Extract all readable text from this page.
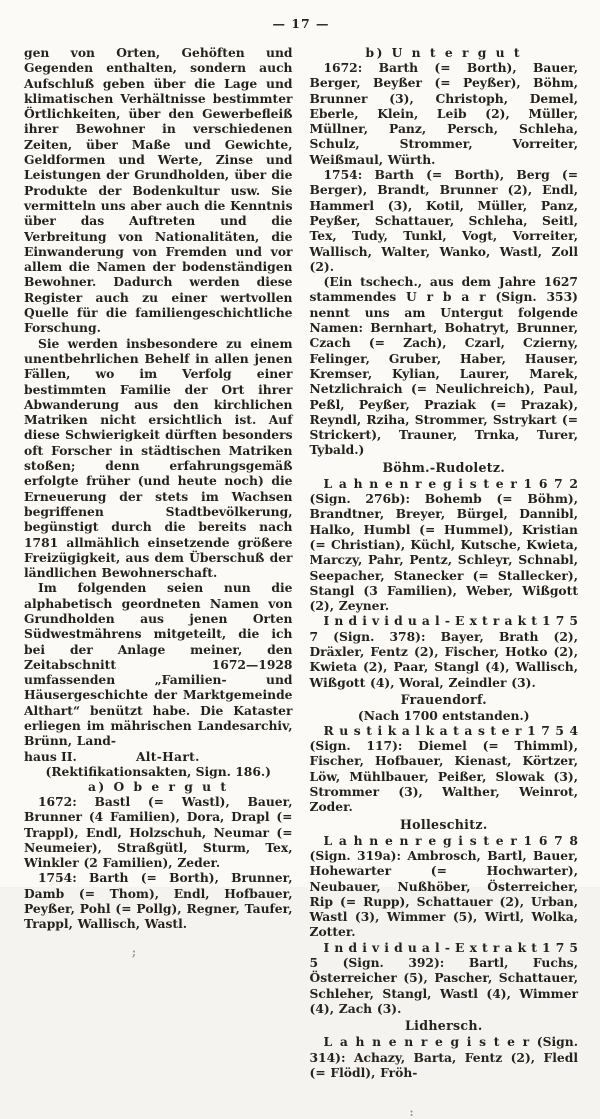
— 17 —

gen von Orten, Gehöften und Gegenden enthalten, sondern auch Aufschluß geben über die Lage und klimatischen Verhältnisse bestimmter Örtlichkeiten, über den Gewerbefleiß ihrer Bewohner in verschiedenen Zeiten, über Maße und Gewichte, Geldformen und Werte, Zinse und Leistungen der Grundholden, über die Produkte der Bodenkultur usw. Sie vermitteln uns aber auch die Kenntnis über das Auftreten und die Verbreitung von Nationalitäten, die Einwanderung von Fremden und vor allem die Namen der bodenständigen Bewohner. Dadurch werden diese Register auch zu einer wertvollen Quelle für die familiengeschichtliche Forschung.

Sie werden insbesondere zu einem unentbehrlichen Behelf in allen jenen Fällen, wo im Verfolg einer bestimmten Familie der Ort ihrer Abwanderung aus den kirchlichen Matriken nicht ersichtlich ist. Auf diese Schwierigkeit dürften besonders oft Forscher in städtischen Matriken stoßen; denn erfahrungsgemäß erfolgte früher (und heute noch) die Erneuerung der stets im Wachsen begriffenen Stadtbevölkerung, begünstigt durch die bereits nach 1781 allmählich einsetzende größere Freizügigkeit, aus dem Überschuß der ländlichen Bewohnerschaft.

Im folgenden seien nun die alphabetisch geordneten Namen von Grundholden aus jenen Orten Südwestmährens mitgeteilt, die ich bei der Anlage meiner, den Zeitabschnitt 1672—1928 umfassenden „Familien- und Häusergeschichte der Marktgemeinde Althart“ benützt habe. Die Kataster erliegen im mährischen Landesarchiv, Brünn, Land-

haus II.	Alt-Hart.

(Rektifikationsakten, Sign. 186.)

a) O b e r g u t

1672: Bastl (= Wastl), Bauer, Brunner (4 Familien), Dora, Drapl (= Trappl), Endl, Holzschuh, Neumar (= Neumeier), Straßgütl, Sturm, Tex, Winkler (2 Familien), Zeder.

1754: Barth (= Borth), Brunner, Damb (= Thom), Endl, Hofbauer, Peyßer, Pohl (= Pollg), Regner, Taufer, Trappl, Wallisch, Wastl.

;

b) U n t e r g u t

1672: Barth (= Borth), Bauer, Berger, Beyßer (= Peyßer), Böhm, Brunner (3), Christoph, Demel, Eberle, Klein, Leib (2), Müller, Müllner, Panz, Persch, Schleha, Schulz, Strommer, Vorreiter, Weißmaul, Würth.

1754: Barth (= Borth), Berg (= Berger), Brandt, Brunner (2), Endl, Hammerl (3), Kotil, Müller, Panz, Peyßer, Schattauer, Schleha, Seitl, Tex, Tudy, Tunkl, Vogt, Vorreiter, Wallisch, Walter, Wanko, Wastl, Zoll (2).

(Ein tschech., aus dem Jahre 1627 stammendes U r b a r (Sign. 353) nennt uns am Untergut folgende Namen: Bernhart, Bohatryt, Brunner, Czach (= Zach), Czarl, Czierny, Felinger, Gruber, Haber, Hauser, Kremser, Kylian, Laurer, Marek, Netzlichraich (= Neulichreich), Paul, Peßl, Peyßer, Praziak (= Prazak), Reyndl, Rziha, Strommer, Sstrykart (= Strickert), Trauner, Trnka, Turer, Tybald.)

Böhm.-Rudoletz.

L a h n e n r e g i s t e r 1 6 7 2 (Sign. 276b): Bohemb (= Böhm), Brandtner, Breyer, Bürgel, Dannibl, Halko, Humbl (= Hummel), Kristian (= Christian), Küchl, Kutsche, Kwieta, Marczy, Pahr, Pentz, Schleyr, Schnabl, Seepacher, Stanecker (= Stallecker), Stangl (3 Familien), Weber, Wißgott (2), Zeyner.

I n d i v i d u a l - E x t r a k t 1 7 5 7 (Sign. 378): Bayer, Brath (2), Dräxler, Fentz (2), Fischer, Hotko (2), Kwieta (2), Paar, Stangl (4), Wallisch, Wißgott (4), Woral, Zeindler (3).

Frauendorf.

(Nach 1700 entstanden.)

R u s t i k a l k a t a s t e r 1 7 5 4 (Sign. 117): Diemel (= Thimml), Fischer, Hofbauer, Kienast, Körtzer, Löw, Mühlbauer, Peißer, Slowak (3), Strommer (3), Walther, Weinrot, Zoder.

Holleschitz.

L a h n e n r e g i s t e r 1 6 7 8 (Sign. 319a): Ambrosch, Bartl, Bauer, Hohewarter (= Hochwarter), Neubauer, Nußhöber, Österreicher, Rip (= Rupp), Schattauer (2), Urban, Wastl (3), Wimmer (5), Wirtl, Wolka, Zotter.

I n d i v i d u a l - E x t r a k t 1 7 5 5 (Sign. 392): Bartl, Fuchs, Österreicher (5), Pascher, Schattauer, Schleher, Stangl, Wastl (4), Wimmer (4), Zach (3).

Lidhersch.

L a h n e n r e g i s t e r (Sign. 314): Achazy, Barta, Fentz (2), Fledl (= Flödl), Fröh-

:
